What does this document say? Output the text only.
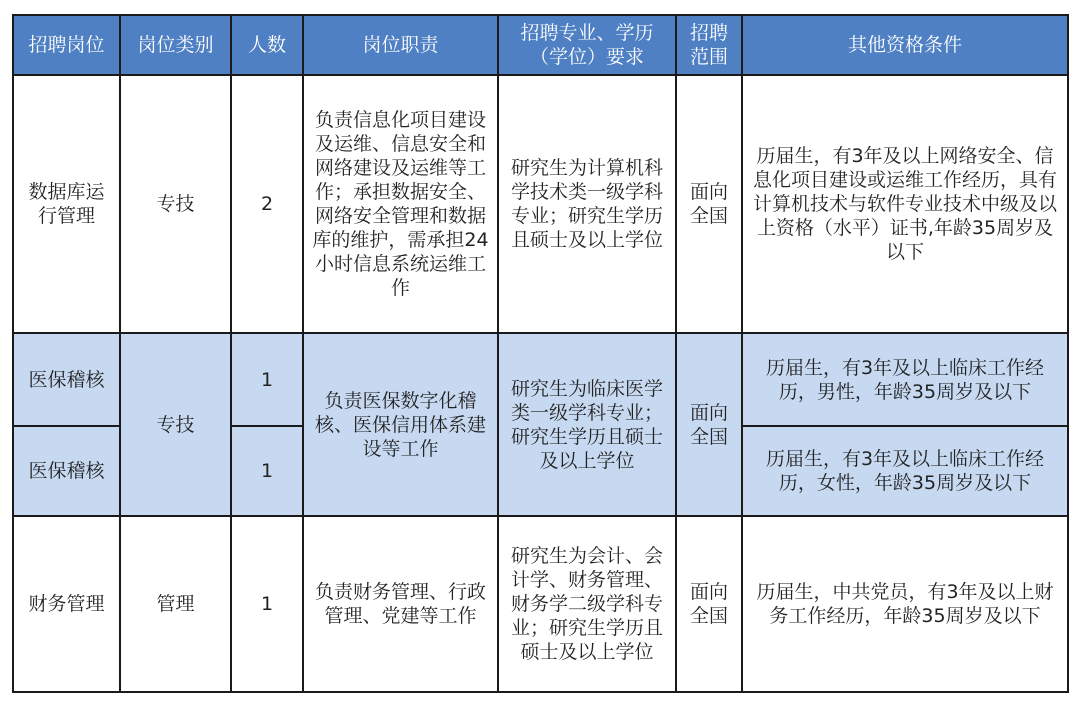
招聘岗位	岗位类别	人数	岗位职责	招聘专业、学历（学位）要求	招聘范围	其他资格条件
数据库运行管理	专技	2	负责信息化项目建设及运维、信息安全和网络建设及运维等工作；承担数据安全、网络安全管理和数据库的维护，需承担24小时信息系统运维工作	研究生为计算机科学技术类一级学科专业；研究生学历且硕士及以上学位	面向全国	历届生，有3年及以上网络安全、信息化项目建设或运维工作经历，具有计算机技术与软件专业技术中级及以上资格（水平）证书,年龄35周岁及以下
医保稽核	专技	1	负责医保数字化稽核、医保信用体系建设等工作	研究生为临床医学类一级学科专业；研究生学历且硕士及以上学位	面向全国	历届生，有3年及以上临床工作经历，男性，年龄35周岁及以下
医保稽核		1				历届生，有3年及以上临床工作经历，女性，年龄35周岁及以下
财务管理	管理	1	负责财务管理、行政管理、党建等工作	研究生为会计、会计学、财务管理、财务学二级学科专业；研究生学历且硕士及以上学位	面向全国	历届生，中共党员，有3年及以上财务工作经历，年龄35周岁及以下
